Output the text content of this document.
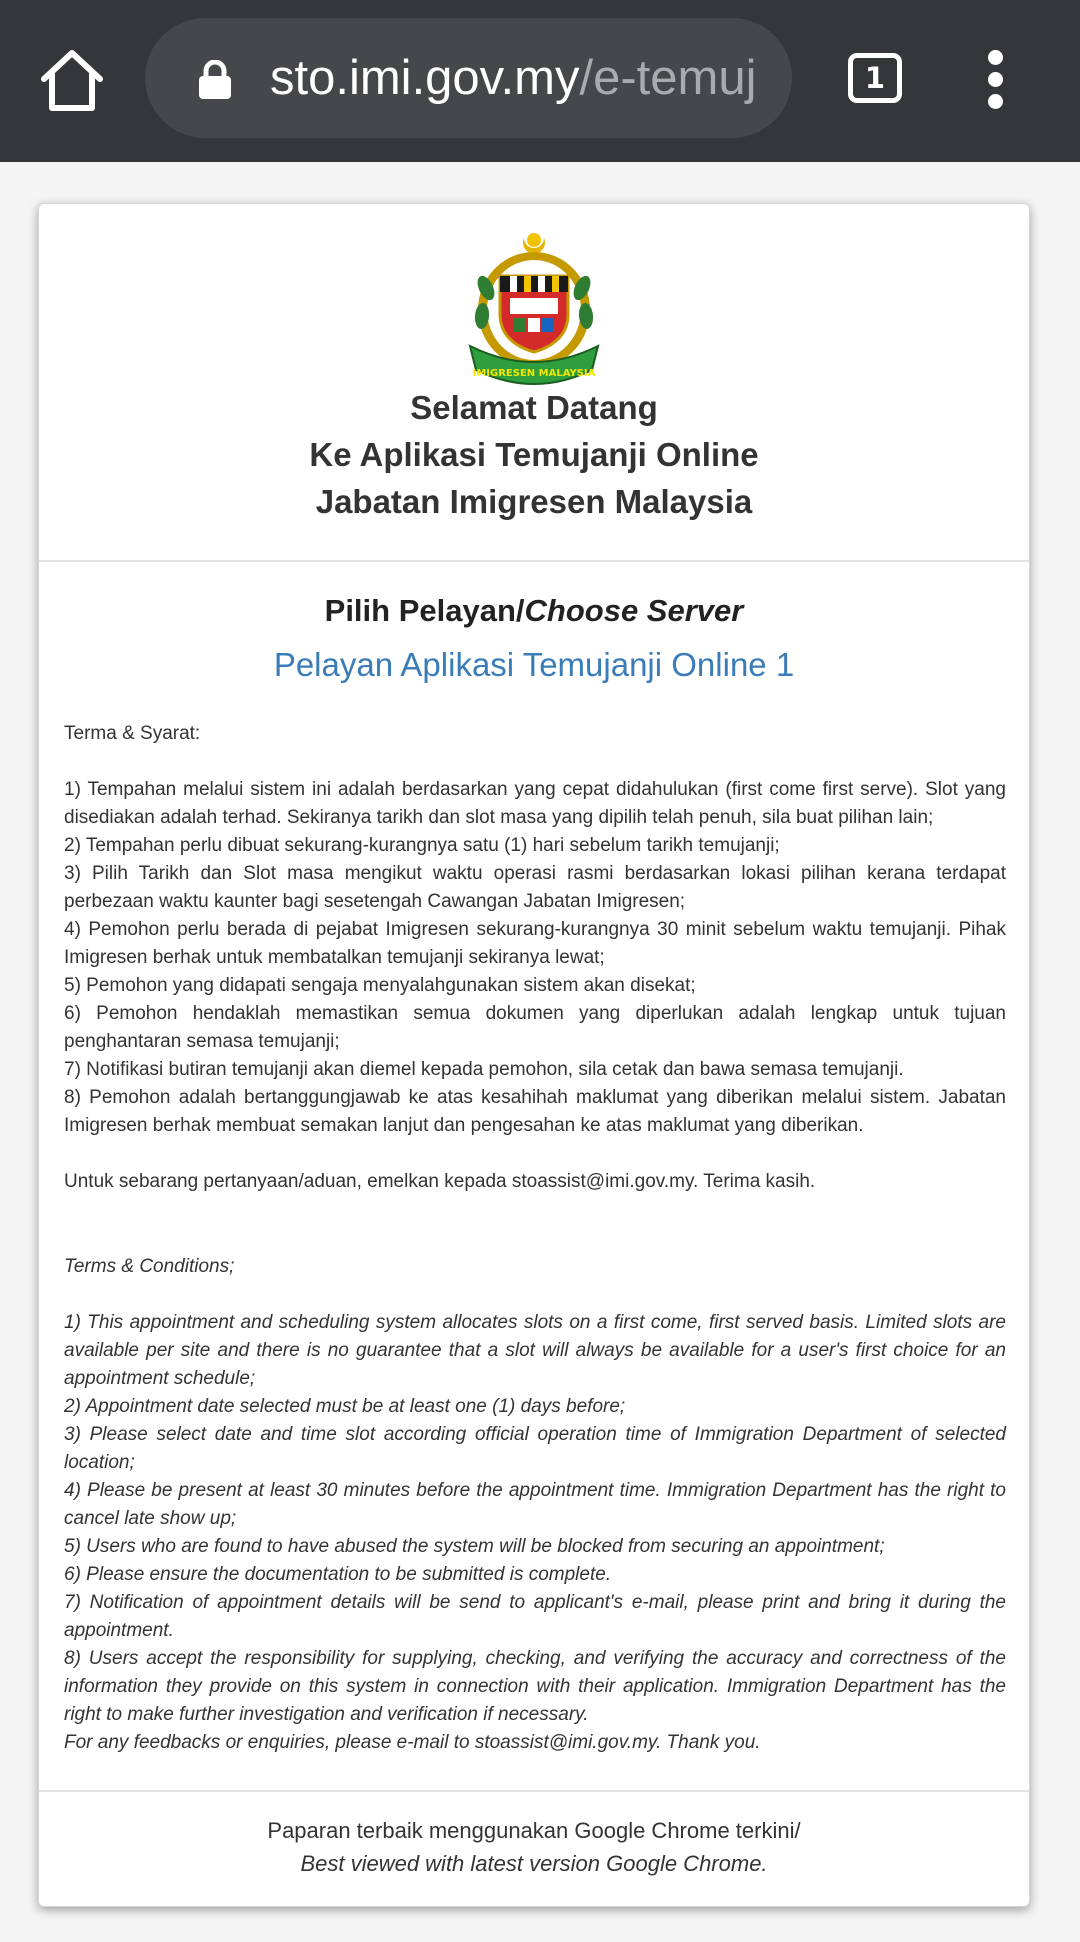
sto.imi.gov.my/e-temuj	1
IMIGRESEN MALAYSIA
Selamat Datang
Ke Aplikasi Temujanji Online
Jabatan Imigresen Malaysia
Pilih Pelayan/Choose Server
Pelayan Aplikasi Temujanji Online 1

Terma & Syarat:

1) Tempahan melalui sistem ini adalah berdasarkan yang cepat didahulukan (first come first serve). Slot yang disediakan adalah terhad. Sekiranya tarikh dan slot masa yang dipilih telah penuh, sila buat pilihan lain;

2) Tempahan perlu dibuat sekurang-kurangnya satu (1) hari sebelum tarikh temujanji;

3) Pilih Tarikh dan Slot masa mengikut waktu operasi rasmi berdasarkan lokasi pilihan kerana terdapat perbezaan waktu kaunter bagi sesetengah Cawangan Jabatan Imigresen;

4) Pemohon perlu berada di pejabat Imigresen sekurang-kurangnya 30 minit sebelum waktu temujanji. Pihak Imigresen berhak untuk membatalkan temujanji sekiranya lewat;

5) Pemohon yang didapati sengaja menyalahgunakan sistem akan disekat;

6) Pemohon hendaklah memastikan semua dokumen yang diperlukan adalah lengkap untuk tujuan penghantaran semasa temujanji;

7) Notifikasi butiran temujanji akan diemel kepada pemohon, sila cetak dan bawa semasa temujanji.

8) Pemohon adalah bertanggungjawab ke atas kesahihah maklumat yang diberikan melalui sistem. Jabatan Imigresen berhak membuat semakan lanjut dan pengesahan ke atas maklumat yang diberikan.

Untuk sebarang pertanyaan/aduan, emelkan kepada stoassist@imi.gov.my. Terima kasih.

Terms & Conditions;

1) This appointment and scheduling system allocates slots on a first come, first served basis. Limited slots are available per site and there is no guarantee that a slot will always be available for a user's first choice for an appointment schedule;

2) Appointment date selected must be at least one (1) days before;

3) Please select date and time slot according official operation time of Immigration Department of selected location;

4) Please be present at least 30 minutes before the appointment time. Immigration Department has the right to cancel late show up;

5) Users who are found to have abused the system will be blocked from securing an appointment;

6) Please ensure the documentation to be submitted is complete.

7) Notification of appointment details will be send to applicant's e-mail, please print and bring it during the appointment.

8) Users accept the responsibility for supplying, checking, and verifying the accuracy and correctness of the information they provide on this system in connection with their application. Immigration Department has the right to make further investigation and verification if necessary.

For any feedbacks or enquiries, please e-mail to stoassist@imi.gov.my. Thank you.

Paparan terbaik menggunakan Google Chrome terkini/
Best viewed with latest version Google Chrome.
